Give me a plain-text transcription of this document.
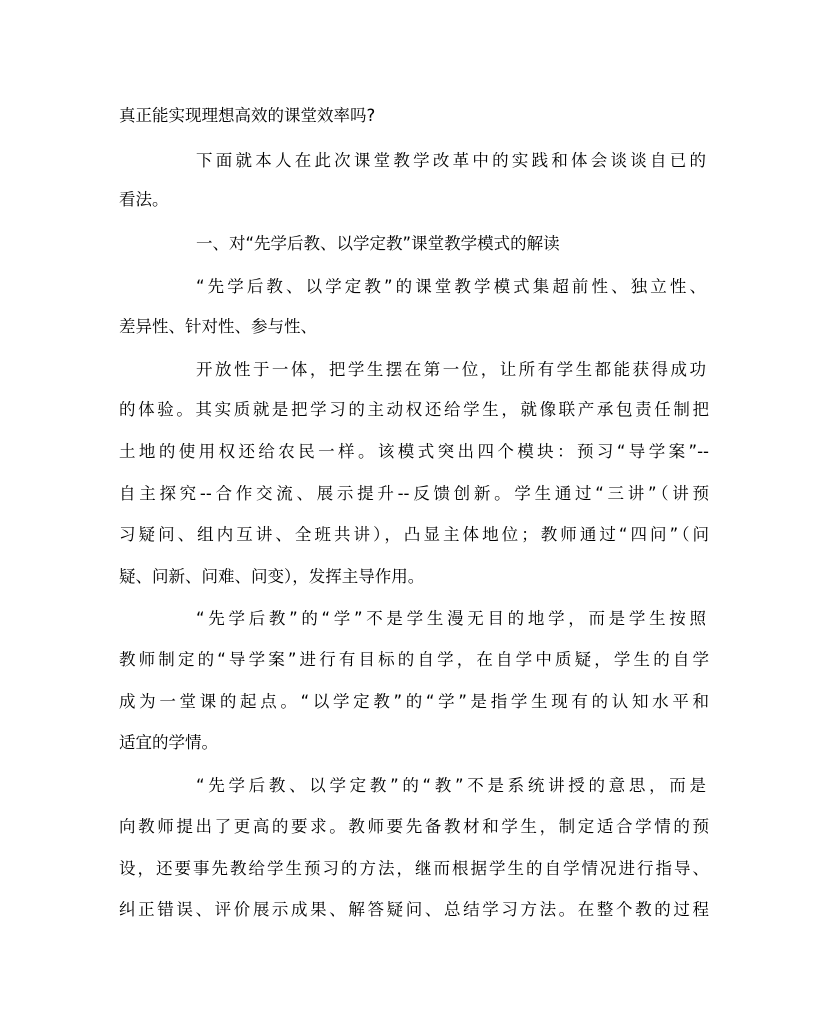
真正能实现理想高效的课堂效率吗?
下面就本人在此次课堂教学改革中的实践和体会谈谈自已的
看法。
一、对“先学后教、以学定教”课堂教学模式的解读
“先学后教、以学定教”的课堂教学模式集超前性、独立性、
差异性、针对性、参与性、
开放性于一体，把学生摆在第一位，让所有学生都能获得成功
的体验。其实质就是把学习的主动权还给学生，就像联产承包责任制把
土地的使用权还给农民一样。该模式突出四个模块：预习“导学案”--
自主探究--合作交流、展示提升--反馈创新。学生通过“三讲”（讲预
习疑问、组内互讲、全班共讲），凸显主体地位；教师通过“四问”（问
疑、问新、问难、问变），发挥主导作用。
“先学后教”的“学”不是学生漫无目的地学，而是学生按照
教师制定的“导学案”进行有目标的自学，在自学中质疑，学生的自学
成为一堂课的起点。“以学定教”的“学”是指学生现有的认知水平和
适宜的学情。
“先学后教、以学定教”的“教”不是系统讲授的意思，而是
向教师提出了更高的要求。教师要先备教材和学生，制定适合学情的预
设，还要事先教给学生预习的方法，继而根据学生的自学情况进行指导、
纠正错误、评价展示成果、解答疑问、总结学习方法。在整个教的过程
